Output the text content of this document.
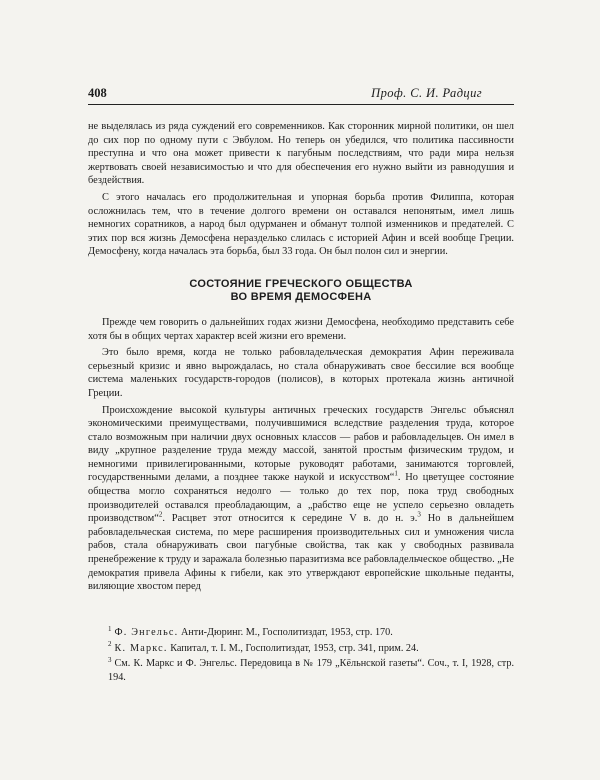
408	Проф. С. И. Радциг

не выделялась из ряда суждений его современников. Как сторонник мирной политики, он шел до сих пор по одному пути с Эвбулом. Но теперь он убедился, что политика пассивности преступна и что она может привести к пагубным последствиям, что ради мира нельзя жертвовать своей независимостью и что для обеспечения его нужно выйти из равнодушия и бездействия.

С этого началась его продолжительная и упорная борьба против Филиппа, которая осложнилась тем, что в течение долгого времени он оставался непонятым, имел лишь немногих соратников, а народ был одурманен и обманут толпой изменников и предателей. С этих пор вся жизнь Демосфена неразделько слилась с историей Афин и всей вообще Греции. Демосфену, когда началась эта борьба, был 33 года. Он был полон сил и энергии.

СОСТОЯНИЕ ГРЕЧЕСКОГО ОБЩЕСТВА
ВО ВРЕМЯ ДЕМОСФЕНА

Прежде чем говорить о дальнейших годах жизни Демосфена, необходимо представить себе хотя бы в общих чертах характер всей жизни его времени.

Это было время, когда не только рабовладельческая демократия Афин переживала серьезный кризис и явно вырождалась, но стала обнаруживать свое бессилие вся вообще система маленьких государств-городов (полисов), в которых протекала жизнь античной Греции.

Происхождение высокой культуры античных греческих государств Энгельс объяснял экономическими преимуществами, получившимися вследствие разделения труда, которое стало возможным при наличии двух основных классов — рабов и рабовладельцев. Он имел в виду „крупное разделение труда между массой, занятой простым физическим трудом, и немногими привилегированными, которые руководят работами, занимаются торговлей, государственными делами, а позднее также наукой и искусством“$^1$. Но цветущее состояние общества могло сохраняться недолго — только до тех пор, пока труд свободных производителей оставался преобладающим, а „рабство еще не успело серьезно овладеть производством“$^2$. Расцвет этот относится к середине V в. до н. э.$^3$ Но в дальнейшем рабовладельческая система, по мере расширения производительных сил и умножения числа рабов, стала обнаруживать свои пагубные свойства, так как у свободных развивала пренебрежение к труду и заражала болезнью паразитизма все рабовладельческое общество. „Не демократия привела Афины к гибели, как это утверждают европейские школьные педанты, виляющие хвостом перед

$^1$ Ф. Энгельс. Анти-Дюринг. М., Госполитиздат, 1953, стр. 170.

$^2$ К. Маркс. Капитал, т. I. М., Госполитиздат, 1953, стр. 341, прим. 24.

$^3$ См. К. Маркс и Ф. Энгельс. Передовица в № 179 „Кёльнской газеты“. Соч., т. I, 1928, стр. 194.
